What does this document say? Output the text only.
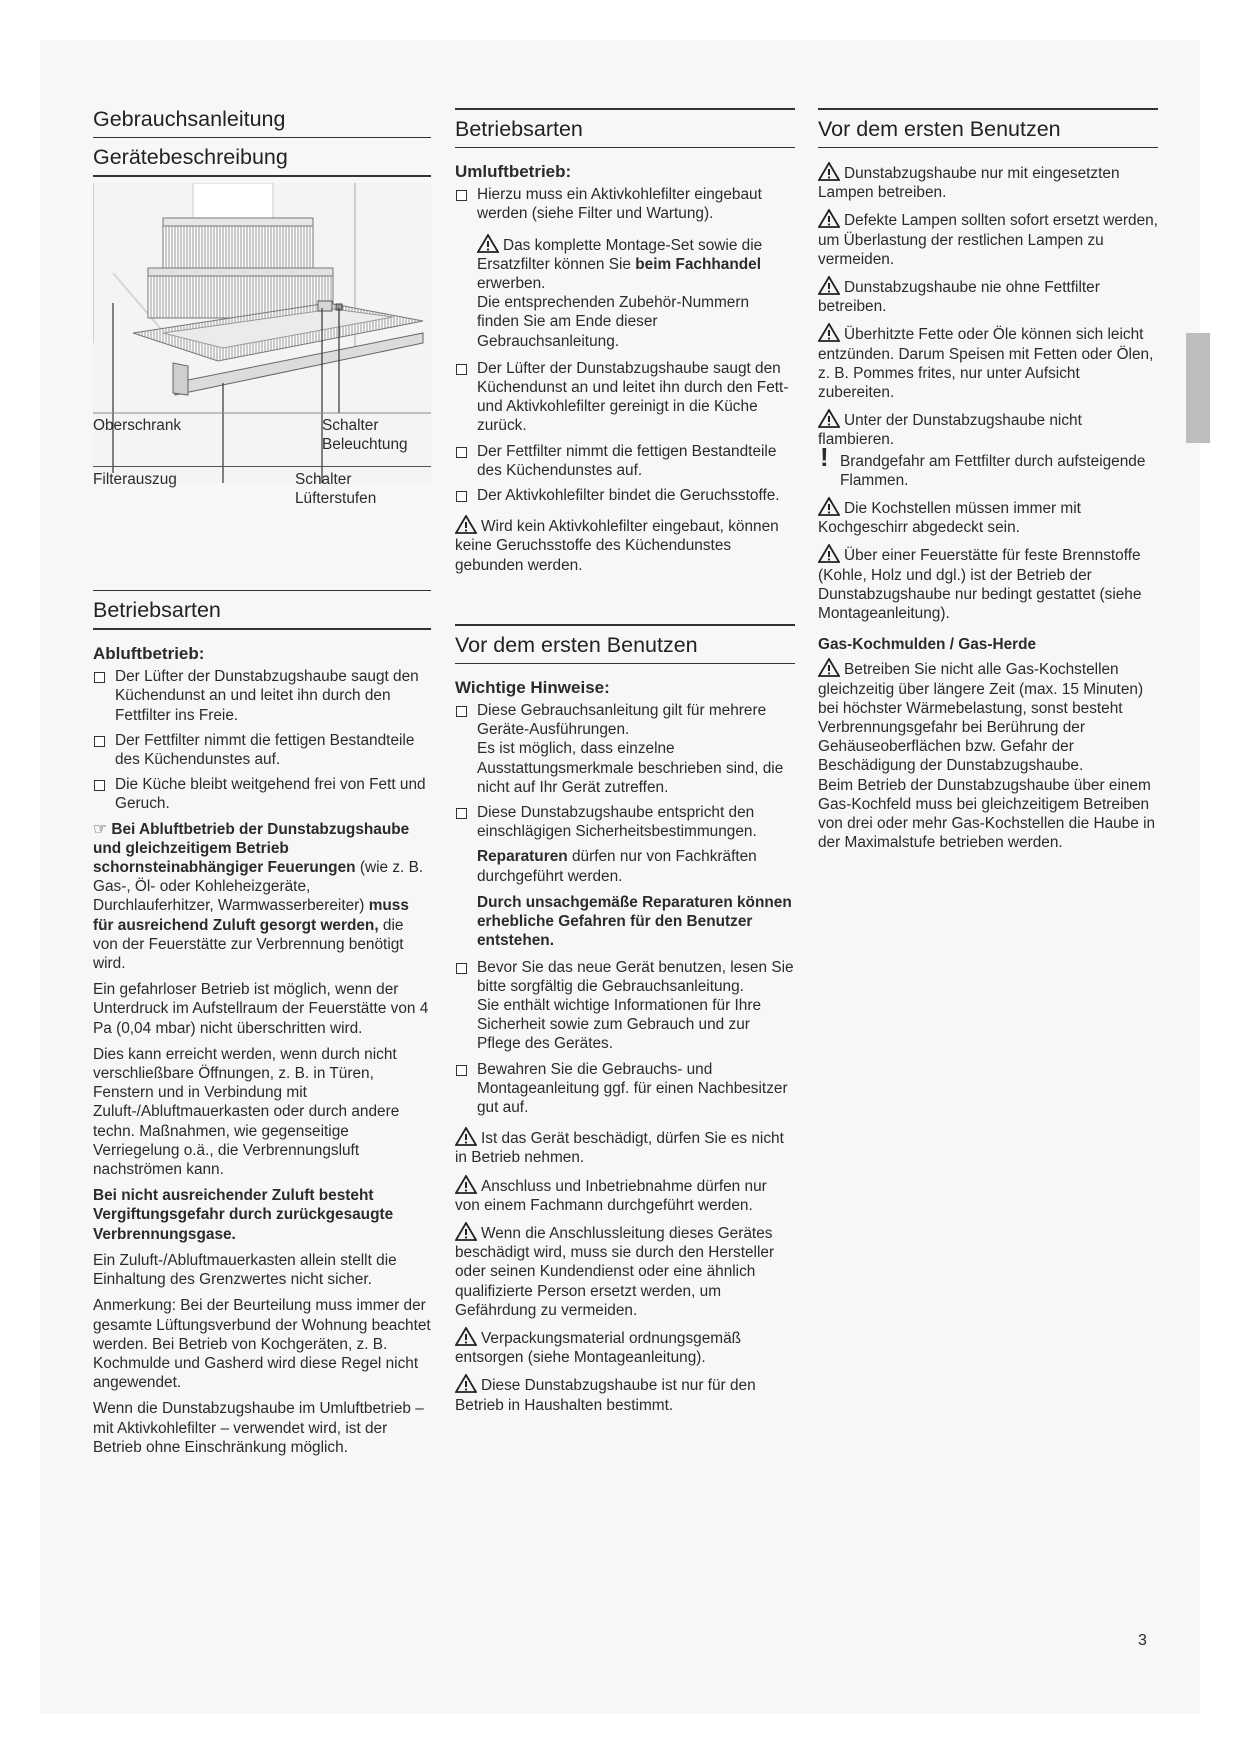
Gebrauchsanleitung
Gerätebeschreibung
Oberschrank	Schalter
Beleuchtung
Filterauszug	Schalter
Lüfterstufen
Betriebsarten
Abluftbetrieb:
Der Lüfter der Dunstabzugshaube saugt den Küchendunst an und leitet ihn durch den Fettfilter ins Freie.
Der Fettfilter nimmt die fettigen Bestandteile des Küchendunstes auf.
Die Küche bleibt weitgehend frei von Fett und Geruch.

☞ Bei Abluftbetrieb der Dunstabzugshaube und gleichzeitigem Betrieb schornsteinabhängiger Feuerungen (wie z. B. Gas-, Öl- oder Kohleheizgeräte, Durchlauferhitzer, Warmwasserbereiter) muss für ausreichend Zuluft gesorgt werden, die von der Feuerstätte zur Verbrennung benötigt wird.

Ein gefahrloser Betrieb ist möglich, wenn der Unterdruck im Aufstellraum der Feuerstätte von 4 Pa (0,04 mbar) nicht überschritten wird.

Dies kann erreicht werden, wenn durch nicht verschließbare Öffnungen, z. B. in Türen, Fenstern und in Verbindung mit Zuluft-/Abluftmauerkasten oder durch andere techn. Maßnahmen, wie gegenseitige Verriegelung o.ä., die Verbrennungsluft nachströmen kann.

Bei nicht ausreichender Zuluft besteht Vergiftungsgefahr durch zurückgesaugte Verbrennungsgase.

Ein Zuluft-/Abluftmauerkasten allein stellt die Einhaltung des Grenzwertes nicht sicher.

Anmerkung: Bei der Beurteilung muss immer der gesamte Lüftungsverbund der Wohnung beachtet werden. Bei Betrieb von Kochgeräten, z. B. Kochmulde und Gasherd wird diese Regel nicht angewendet.

Wenn die Dunstabzugshaube im Umluftbetrieb – mit Aktivkohlefilter – verwendet wird, ist der Betrieb ohne Einschränkung möglich.

Betriebsarten
Umluftbetrieb:
Hierzu muss ein Aktivkohlefilter eingebaut werden (siehe Filter und Wartung).
Das komplette Montage-Set sowie die Ersatzfilter können Sie beim Fachhandel erwerben.
Die entsprechenden Zubehör-Nummern finden Sie am Ende dieser Gebrauchsanleitung.
Der Lüfter der Dunstabzugshaube saugt den Küchendunst an und leitet ihn durch den Fett- und Aktivkohlefilter gereinigt in die Küche zurück.
Der Fettfilter nimmt die fettigen Bestandteile des Küchendunstes auf.
Der Aktivkohlefilter bindet die Geruchsstoffe.

Wird kein Aktivkohlefilter eingebaut, können keine Geruchsstoffe des Küchendunstes gebunden werden.

Vor dem ersten Benutzen
Wichtige Hinweise:
Diese Gebrauchsanleitung gilt für mehrere Geräte-Ausführungen.
Es ist möglich, dass einzelne Ausstattungsmerkmale beschrieben sind, die nicht auf Ihr Gerät zutreffen.
Diese Dunstabzugshaube entspricht den einschlägigen Sicherheitsbestimmungen.

Reparaturen dürfen nur von Fachkräften durchgeführt werden.

Durch unsachgemäße Reparaturen können erhebliche Gefahren für den Benutzer entstehen.

Bevor Sie das neue Gerät benutzen, lesen Sie bitte sorgfältig die Gebrauchsanleitung.
Sie enthält wichtige Informationen für Ihre Sicherheit sowie zum Gebrauch und zur Pflege des Gerätes.
Bewahren Sie die Gebrauchs- und Montageanleitung ggf. für einen Nachbesitzer gut auf.

Ist das Gerät beschädigt, dürfen Sie es nicht in Betrieb nehmen.

Anschluss und Inbetriebnahme dürfen nur von einem Fachmann durchgeführt werden.

Wenn die Anschlussleitung dieses Gerätes beschädigt wird, muss sie durch den Hersteller oder seinen Kundendienst oder eine ähnlich qualifizierte Person ersetzt werden, um Gefährdung zu vermeiden.

Verpackungsmaterial ordnungsgemäß entsorgen (siehe Montageanleitung).

Diese Dunstabzugshaube ist nur für den Betrieb in Haushalten bestimmt.

Vor dem ersten Benutzen

Dunstabzugshaube nur mit eingesetzten Lampen betreiben.

Defekte Lampen sollten sofort ersetzt werden, um Überlastung der restlichen Lampen zu vermeiden.

Dunstabzugshaube nie ohne Fettfilter betreiben.

Überhitzte Fette oder Öle können sich leicht entzünden. Darum Speisen mit Fetten oder Ölen, z. B. Pommes frites, nur unter Aufsicht zubereiten.

Unter der Dunstabzugshaube nicht flambieren.

! Brandgefahr am Fettfilter durch aufsteigende Flammen.

Die Kochstellen müssen immer mit Kochgeschirr abgedeckt sein.

Über einer Feuerstätte für feste Brennstoffe (Kohle, Holz und dgl.) ist der Betrieb der Dunstabzugshaube nur bedingt gestattet (siehe Montageanleitung).

Gas-Kochmulden / Gas-Herde

Betreiben Sie nicht alle Gas-Kochstellen gleichzeitig über längere Zeit (max. 15 Minuten) bei höchster Wärmebelastung, sonst besteht Verbrennungsgefahr bei Berührung der Gehäuseoberflächen bzw. Gefahr der Beschädigung der Dunstabzugshaube.

Beim Betrieb der Dunstabzugshaube über einem Gas-Kochfeld muss bei gleichzeitigem Betreiben von drei oder mehr Gas-Kochstellen die Haube in der Maximalstufe betrieben werden.

3
